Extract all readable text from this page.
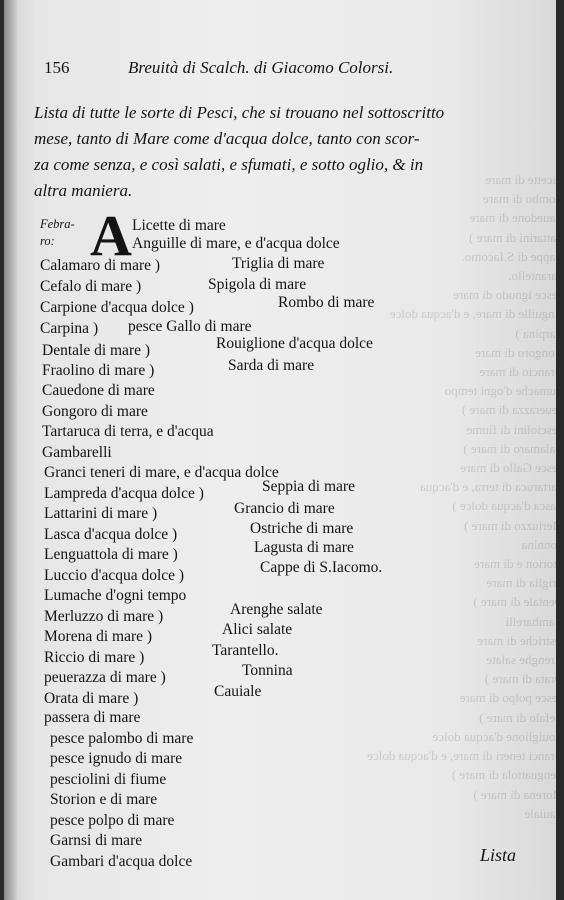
Licette di mare
Rombo di mare
Cauedone di mare
Lattarini di mare )
Cappe di S.Iacomo.
Tarantello.
pesce ignudo di mare
Anguille di mare, e d'acqua dolce
Carpina )
Gongoro di mare
Grancio di mare
Lumache d'ogni tempo
peuerazza di mare )
pesciolini di fiume
Calamaro di mare )
pesce Gallo di mare
Tartaruca di terra, e d'acqua
Lasca d'acqua dolce )
Merluzzo di mare )
Tonnina
Storion e di mare
Triglia di mare
Dentale di mare )
Gambarelli
Ostriche di mare
Arenghe salate
Orata di mare )
pesce polpo di mare
Cefalo di mare )
Rouiglione d'acqua dolce
Granci teneri di mare, e d'acqua dolce
Lenguattola di mare )
Morena di mare )
Cauiale
156	Breuità di Scalch. di Giacomo Colorsi.
Lista di tutte le sorte di Pesci, che si trouano nel sottoscritto
mese, tanto di Mare come d'acqua dolce, tanto con scor-
za come senza, e così salati, e sfumati, e sotto oglio, & in
altra maniera.
Febra-
ro: A Licette di mare
Anguille di mare, e d'acqua dolce
Calamaro di mare )	Triglia di mare
Cefalo di mare )	Spigola di mare
Carpione d'acqua dolce )	Rombo di mare
Carpina ) pesce Gallo di mare
Dentale di mare )	Rouiglione d'acqua dolce
Fraolino di mare )	Sarda di mare
Cauedone di mare
Gongoro di mare
Tartaruca di terra, e d'acqua
Gambarelli
Granci teneri di mare, e d'acqua dolce
Lampreda d'acqua dolce )	Seppia di mare
Lattarini di mare )	Grancio di mare
Lasca d'acqua dolce )	Ostriche di mare
Lenguattola di mare )	Lagusta di mare
Luccio d'acqua dolce )	Cappe di S.Iacomo.
Lumache d'ogni tempo
Merluzzo di mare )	Arenghe salate
Morena di mare )	Alici salate
Riccio di mare )	Tarantello.
peuerazza di mare )	Tonnina
Orata di mare )	Cauiale
passera di mare
pesce palombo di mare
pesce ignudo di mare
pesciolini di fiume
Storion e di mare
pesce polpo di mare
Garnsi di mare
Gambari d'acqua dolce	Lista
